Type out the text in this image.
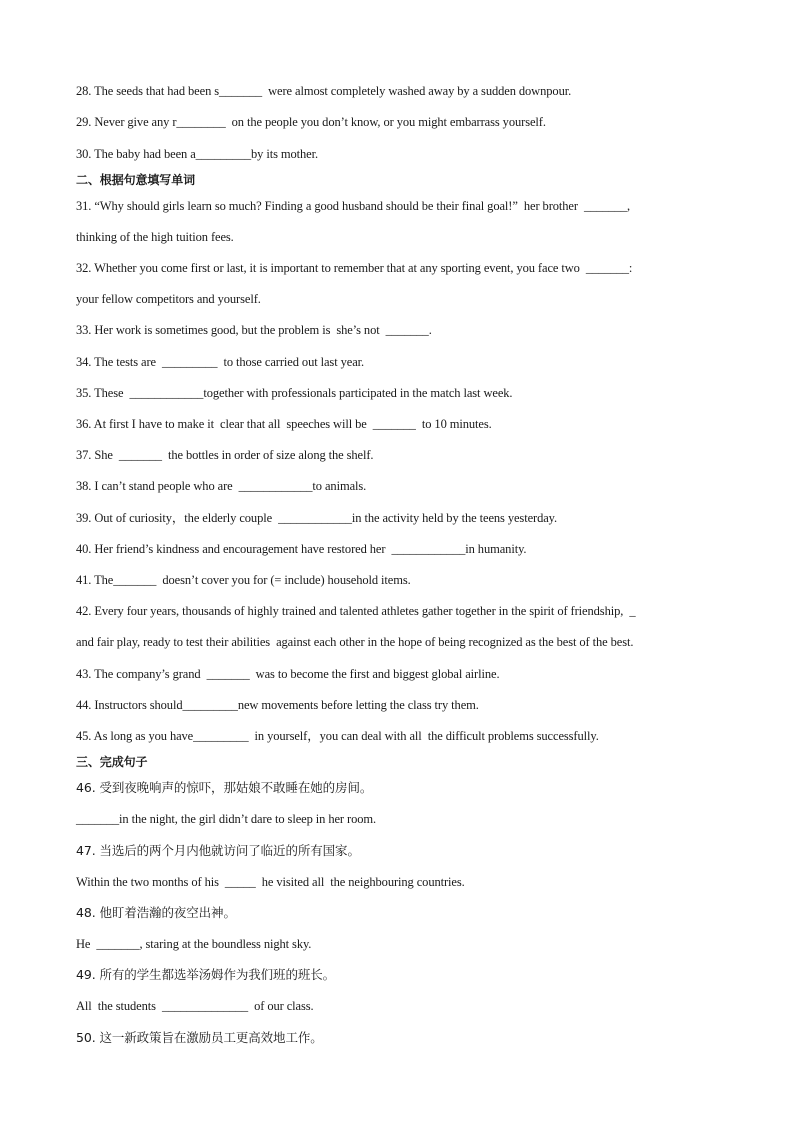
28. The seeds that had been s_______  were almost completely washed away by a sudden downpour.
29. Never give any r________  on the people you don’t know, or you might embarrass yourself.
30. The baby had been a_________by its mother.
二、根据句意填写单词
31. “Why should girls learn so much? Finding a good husband should be their final goal!”  her brother  _______,
thinking of the high tuition fees.
32. Whether you come first or last, it is important to remember that at any sporting event, you face two  _______:
your fellow competitors and yourself.
33. Her work is sometimes good, but the problem is  she’s not  _______.
34. The tests are  _________  to those carried out last year.
35. These  ____________together with professionals participated in the match last week.
36. At first I have to make it  clear that all  speeches will be  _______  to 10 minutes.
37. She  _______  the bottles in order of size along the shelf.
38. I can’t stand people who are  ____________to animals.
39. Out of curiosity，the elderly couple  ____________in the activity held by the teens yesterday.
40. Her friend’s kindness and encouragement have restored her  ____________in humanity.
41. The_______  doesn’t cover you for (= include) household items.
42. Every four years, thousands of highly trained and talented athletes gather together in the spirit of friendship,  _
and fair play, ready to test their abilities  against each other in the hope of being recognized as the best of the best.
43. The company’s grand  _______  was to become the first and biggest global airline.
44. Instructors should_________new movements before letting the class try them.
45. As long as you have_________  in yourself，you can deal with all  the difficult problems successfully.
三、完成句子
46. 受到夜晚响声的惊吓，那姑娘不敢睡在她的房间。
_______in the night, the girl didn’t dare to sleep in her room.
47. 当选后的两个月内他就访问了临近的所有国家。
Within the two months of his  _____  he visited all  the neighbouring countries.
48. 他盯着浩瀚的夜空出神。
He  _______, staring at the boundless night sky.
49. 所有的学生都选举汤姆作为我们班的班长。
All  the students  ______________  of our class.
50. 这一新政策旨在激励员工更高效地工作。
